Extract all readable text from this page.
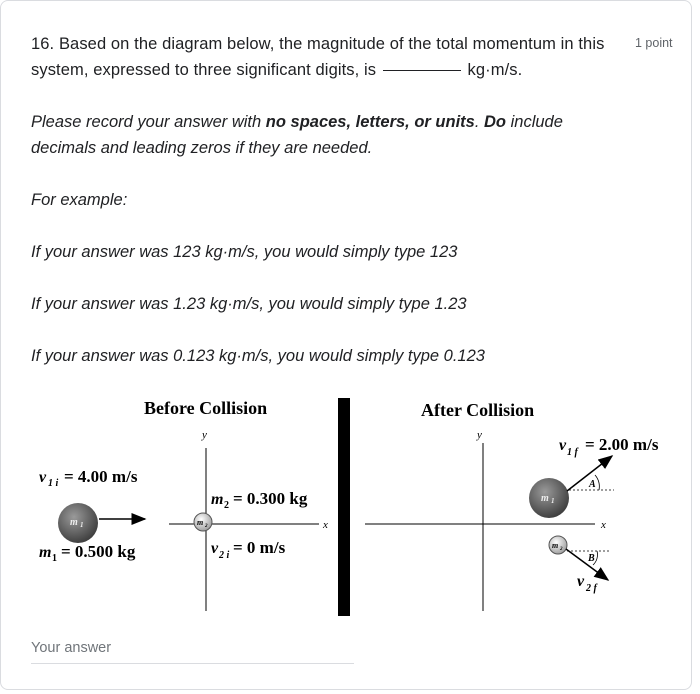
16. Based on the diagram below, the magnitude of the total momentum in this system, expressed to three significant digits, is	kg·m/s.
1 point

Please record your answer with no spaces, letters, or units. Do include decimals and leading zeros if they are needed.

For example:

If your answer was 123 kg·m/s, you would simply type 123

If your answer was 1.23 kg·m/s, you would simply type 1.23

If your answer was 0.123 kg·m/s, you would simply type 0.123

Before Collision
y
x
v 1 i = 4.00 m/s
m 1
m 1 = 0.500 kg
m 2
m 2 = 0.300 kg
v 2 i = 0 m/s
After Collision
y
x
v 1 f = 2.00 m/s
m 1
A
m 2
B
v 2 f
Your answer
